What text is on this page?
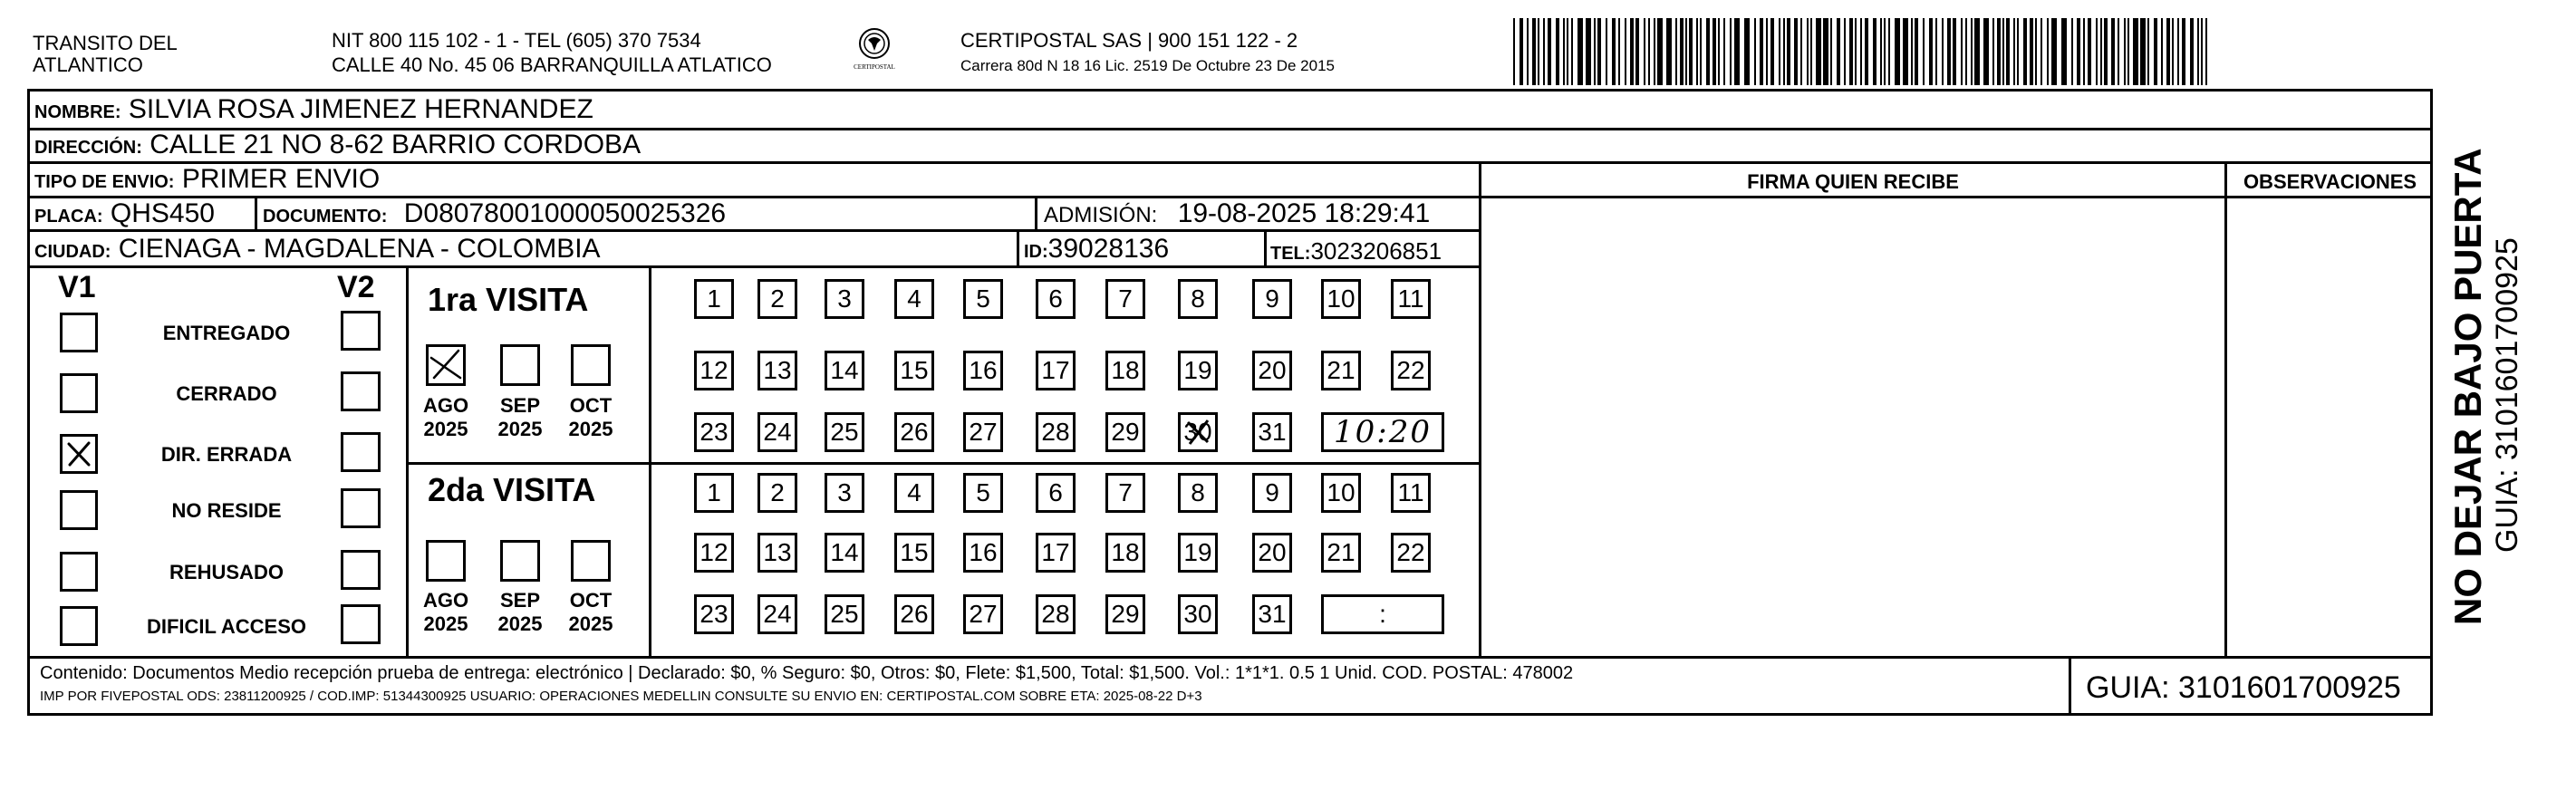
TRANSITO DEL
ATLANTICO
NIT 800 115 102 - 1 - TEL (605) 370 7534
CALLE 40 No. 45 06 BARRANQUILLA ATLATICO	CERTIPOSTAL
CERTIPOSTAL SAS | 900 151 122 - 2
Carrera 80d N 18 16 Lic. 2519 De Octubre 23 De 2015
NOMBRE: SILVIA ROSA JIMENEZ HERNANDEZ
DIRECCIÓN: CALLE 21 NO 8-62 BARRIO CORDOBA
TIPO DE ENVIO: PRIMER ENVIO	FIRMA QUIEN RECIBE	OBSERVACIONES
PLACA: QHS450	DOCUMENTO: D08078001000050025326	ADMISIÓN: 19-08-2025 18:29:41
CIUDAD: CIENAGA - MAGDALENA - COLOMBIA	ID:39028136	TEL:3023206851
V1	V2
ENTREGADO
CERRADO
DIR. ERRADA
NO RESIDE
REHUSADO
DIFICIL ACCESO
1ra VISITA
2da VISITA
AGO
2025
SEP
2025
OCT
2025
1	2	3	4	5	6	7	8	9	10 11
12 13 14 15 16 17 18 19 20 21 22
23 24 25 26 27 28 29 30 31	10:20
AGO
2025
SEP
2025
OCT
2025
1	2	3	4	5	6	7	8	9	10 11
12 13 14 15 16 17 18 19 20 21 22
23 24 25 26 27 28 29 30 31	:
Contenido: Documentos Medio recepción prueba de entrega: electrónico | Declarado: $0, % Seguro: $0, Otros: $0, Flete: $1,500, Total: $1,500. Vol.: 1*1*1. 0.5 1 Unid. COD. POSTAL: 478002
IMP POR FIVEPOSTAL ODS: 23811200925 / COD.IMP: 51344300925 USUARIO: OPERACIONES MEDELLIN CONSULTE SU ENVIO EN: CERTIPOSTAL.COM SOBRE ETA: 2025-08-22 D+3	GUIA: 3101601700925
NO DEJAR BAJO PUERTA GUIA: 3101601700925
